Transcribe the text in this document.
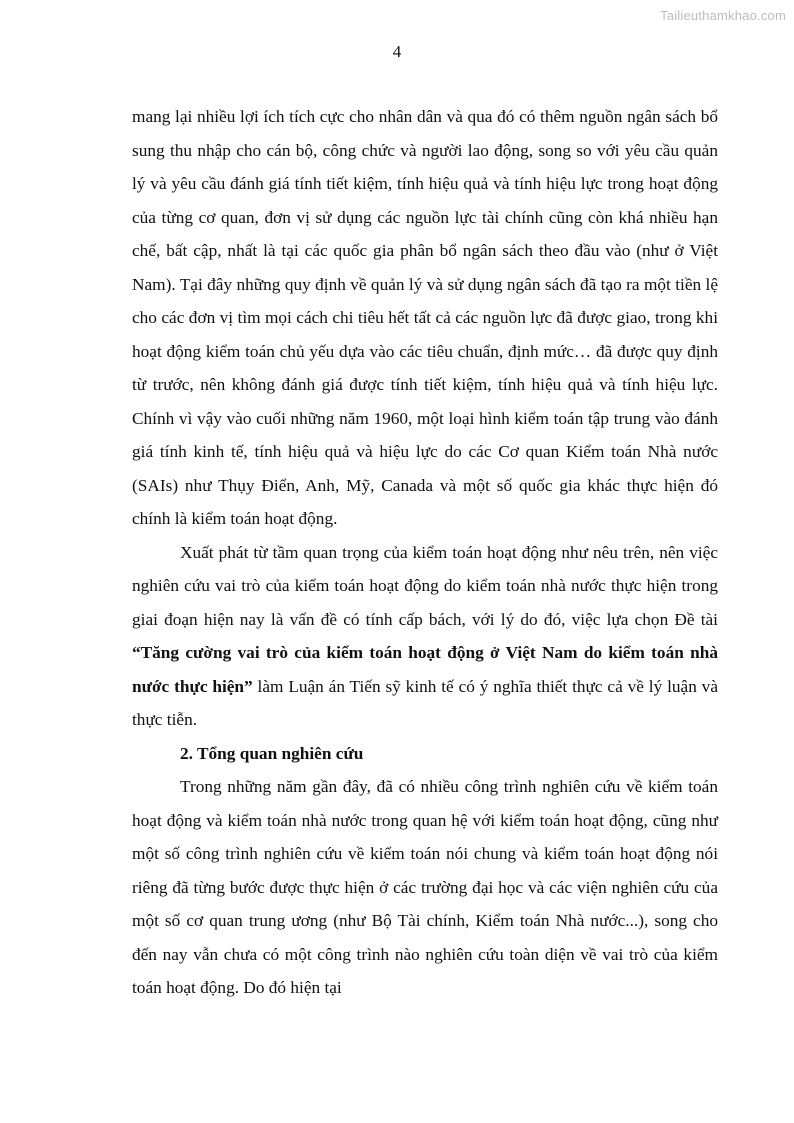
Tailieuthamkhao.com
4

mang lại nhiều lợi ích tích cực cho nhân dân và qua đó có thêm nguồn ngân sách bổ sung thu nhập cho cán bộ, công chức và người lao động, song so với yêu cầu quản lý và yêu cầu đánh giá tính tiết kiệm, tính hiệu quả và tính hiệu lực trong hoạt động của từng cơ quan, đơn vị sử dụng các nguồn lực tài chính cũng còn khá nhiều hạn chế, bất cập, nhất là tại các quốc gia phân bổ ngân sách theo đầu vào (như ở Việt Nam). Tại đây những quy định về quản lý và sử dụng ngân sách đã tạo ra một tiền lệ cho các đơn vị tìm mọi cách chi tiêu hết tất cả các nguồn lực đã được giao, trong khi hoạt động kiểm toán chủ yếu dựa vào các tiêu chuẩn, định mức… đã được quy định từ trước, nên không đánh giá được tính tiết kiệm, tính hiệu quả và tính hiệu lực. Chính vì vậy vào cuối những năm 1960, một loại hình kiểm toán tập trung vào đánh giá tính kinh tế, tính hiệu quả và hiệu lực do các Cơ quan Kiểm toán Nhà nước (SAIs) như Thụy Điển, Anh, Mỹ, Canada và một số quốc gia khác thực hiện đó chính là kiểm toán hoạt động.

Xuất phát từ tầm quan trọng của kiểm toán hoạt động như nêu trên, nên việc nghiên cứu vai trò của kiểm toán hoạt động do kiểm toán nhà nước thực hiện trong giai đoạn hiện nay là vấn đề có tính cấp bách, với lý do đó, việc lựa chọn Đề tài “Tăng cường vai trò của kiểm toán hoạt động ở Việt Nam do kiểm toán nhà nước thực hiện” làm Luận án Tiến sỹ kinh tế có ý nghĩa thiết thực cả về lý luận và thực tiễn.

2. Tổng quan nghiên cứu

Trong những năm gần đây, đã có nhiều công trình nghiên cứu về kiểm toán hoạt động và kiểm toán nhà nước trong quan hệ với kiểm toán hoạt động, cũng như một số công trình nghiên cứu về kiểm toán nói chung và kiểm toán hoạt động nói riêng đã từng bước được thực hiện ở các trường đại học và các viện nghiên cứu của một số cơ quan trung ương (như Bộ Tài chính, Kiểm toán Nhà nước...), song cho đến nay vẫn chưa có một công trình nào nghiên cứu toàn diện về vai trò của kiểm toán hoạt động. Do đó hiện tại
